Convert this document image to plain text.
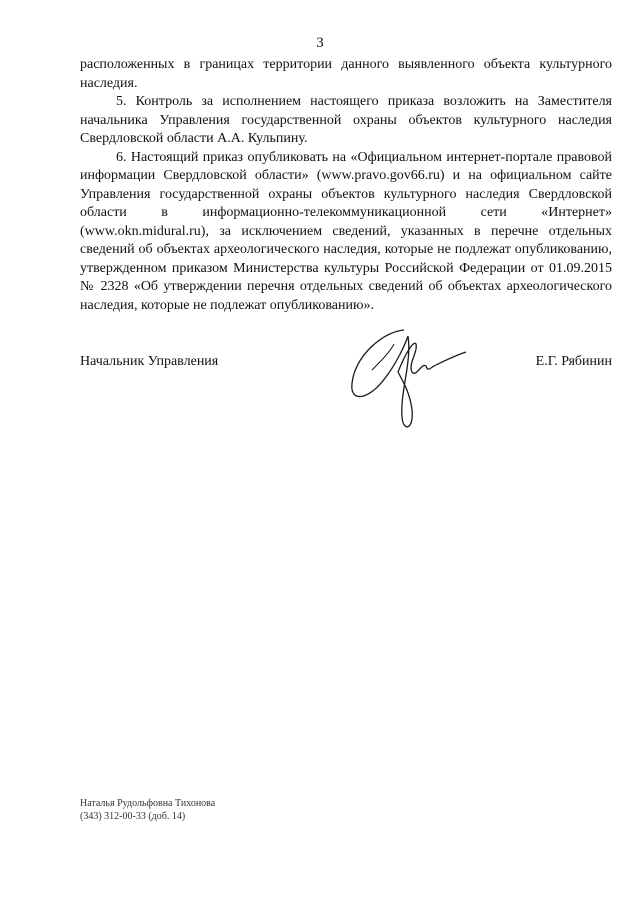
3

расположенных в границах территории данного выявленного объекта культурного наследия.

5. Контроль за исполнением настоящего приказа возложить на Заместителя начальника Управления государственной охраны объектов культурного наследия Свердловской области А.А. Кульпину.

6. Настоящий приказ опубликовать на «Официальном интернет-портале правовой информации Свердловской области» (www.pravo.gov66.ru) и на официальном сайте Управления государственной охраны объектов культурного наследия Свердловской области в информационно-телекоммуникационной сети «Интернет» (www.okn.midural.ru), за исключением сведений, указанных в перечне отдельных сведений об объектах археологического наследия, которые не подлежат опубликованию, утвержденном приказом Министерства культуры Российской Федерации от 01.09.2015 № 2328 «Об утверждении перечня отдельных сведений об объектах археологического наследия, которые не подлежат опубликованию».

Начальник Управления	Е.Г. Рябинин
Наталья Рудольфовна Тихонова
(343) 312-00-33 (доб. 14)
